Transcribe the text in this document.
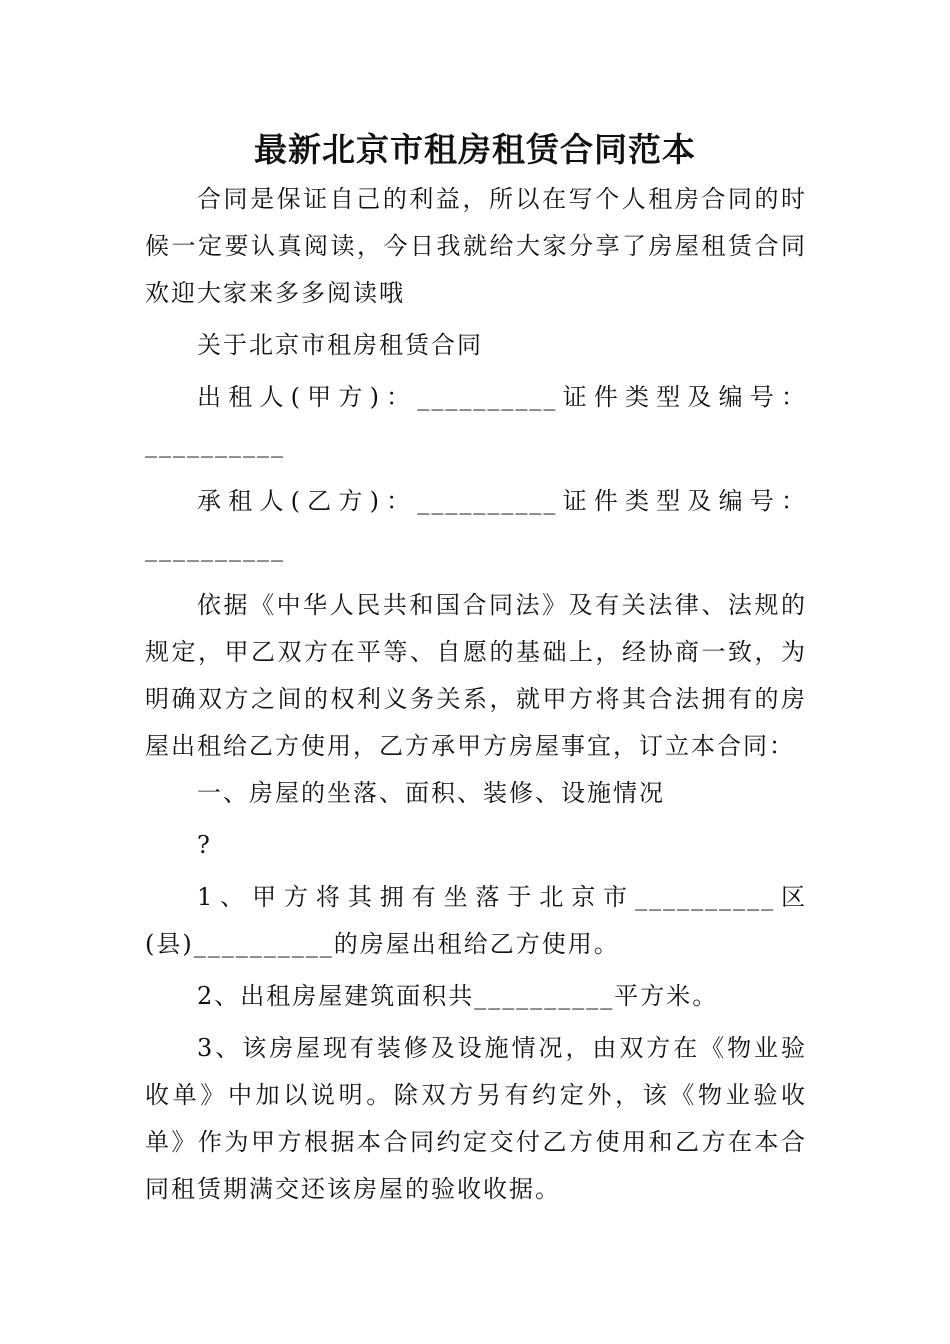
最新北京市租房租赁合同范本

合同是保证自己的利益，所以在写个人租房合同的时候一定要认真阅读，今日我就给大家分享了房屋租赁合同欢迎大家来多多阅读哦

关于北京市租房租赁合同

出租人(甲方)：__________证件类型及编号：__________

承租人(乙方)：__________证件类型及编号：__________

依据《中华人民共和国合同法》及有关法律、法规的规定，甲乙双方在平等、自愿的基础上，经协商一致，为明确双方之间的权利义务关系，就甲方将其合法拥有的房屋出租给乙方使用，乙方承甲方房屋事宜，订立本合同：

一、房屋的坐落、面积、装修、设施情况

?

1、甲方将其拥有坐落于北京市__________区(县)__________的房屋出租给乙方使用。

2、出租房屋建筑面积共__________平方米。

3、该房屋现有装修及设施情况，由双方在《物业验收单》中加以说明。除双方另有约定外，该《物业验收单》作为甲方根据本合同约定交付乙方使用和乙方在本合同租赁期满交还该房屋的验收收据。
